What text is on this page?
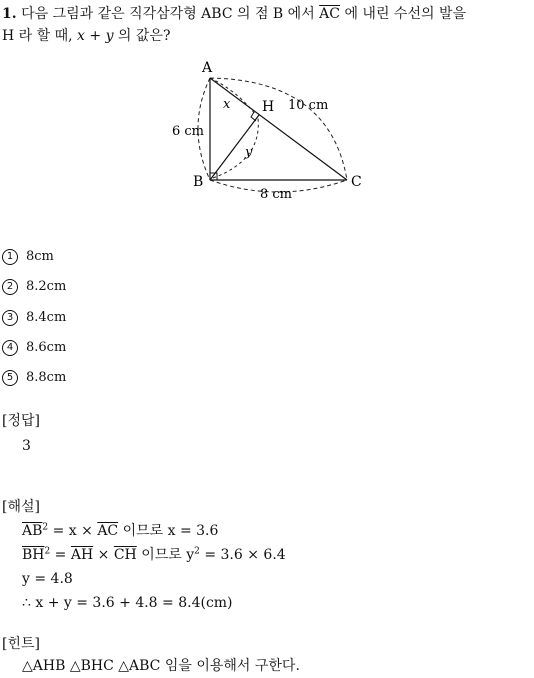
1. 다음 그림과 같은 직각삼각형 ABC 의 점 B 에서 $\overline{AC}$ 에 내린 수선의 발을
H 라 할 때, x + y 의 값은?
A
B	C
H
x
y
6 cm
10 cm
8 cm
1 8cm
2 8.2cm
3 8.4cm
4 8.6cm
5 8.8cm
[정답]
3
[해설]
$\overline{AB}^2 = x \times \overline{AC}$ 이므로 x = 3.6
$\overline{BH}^2 = \overline{AH} \times \overline{CH}$ 이므로 $y^2 = 3.6 \times 6.4$
y = 4.8
∴ x + y = 3.6 + 4.8 = 8.4(cm)
[힌트]
△AHB △BHC △ABC 임을 이용해서 구한다.
